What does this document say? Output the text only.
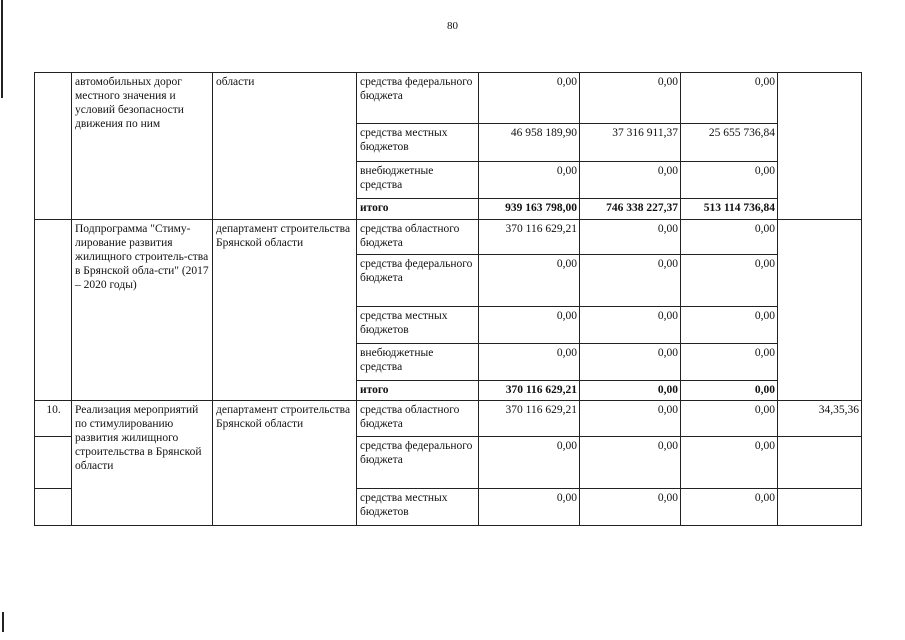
80
	автомобильных дорог местного значения и условий безопасности движения по ним	области	средства федерального бюджета	0,00	0,00	0,00	
			средства местных бюджетов	46 958 189,90	37 316 911,37	25 655 736,84	
			внебюджетные средства	0,00	0,00	0,00	
			итого	939 163 798,00	746 338 227,37	513 114 736,84	
	Подпрограмма "Стиму-лирование развития жилищного строитель-ства в Брянской обла-сти" (2017 – 2020 годы)	департамент строительства Брянской области	средства областного бюджета	370 116 629,21	0,00	0,00	
			средства федерального бюджета	0,00	0,00	0,00	
			средства местных бюджетов	0,00	0,00	0,00	
			внебюджетные средства	0,00	0,00	0,00	
			итого	370 116 629,21	0,00	0,00	
10.	Реализация мероприятий по стимулированию развития жилищного строительства в Брянской области	департамент строительства Брянской области	средства областного бюджета	370 116 629,21	0,00	0,00	34,35,36
			средства федерального бюджета	0,00	0,00	0,00	
			средства местных бюджетов	0,00	0,00	0,00	
